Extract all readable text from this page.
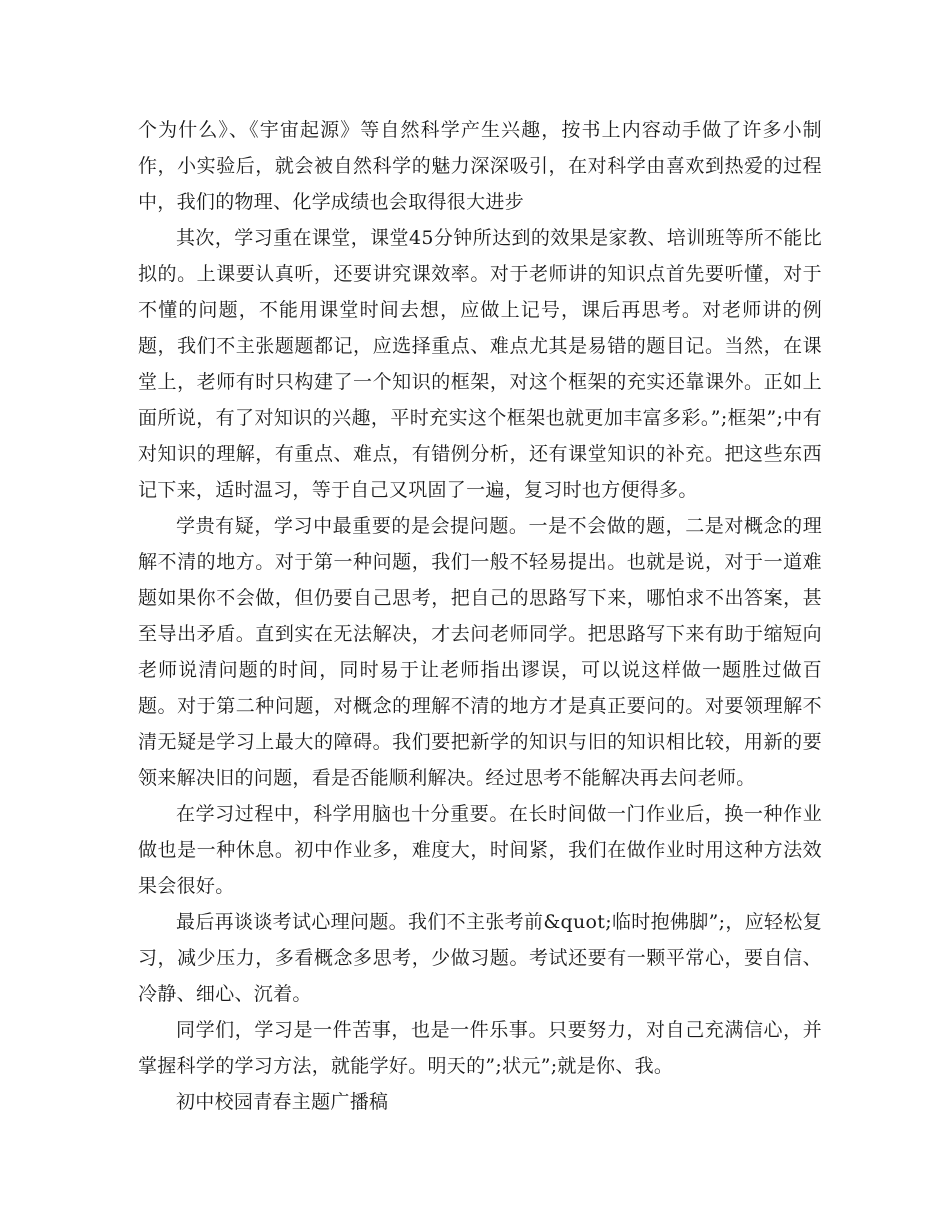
个为什么》、《宇宙起源》等自然科学产生兴趣，按书上内容动手做了许多小制作，小实验后，就会被自然科学的魅力深深吸引，在对科学由喜欢到热爱的过程中，我们的物理、化学成绩也会取得很大进步

其次，学习重在课堂，课堂45分钟所达到的效果是家教、培训班等所不能比拟的。上课要认真听，还要讲究课效率。对于老师讲的知识点首先要听懂，对于不懂的问题，不能用课堂时间去想，应做上记号，课后再思考。对老师讲的例题，我们不主张题题都记，应选择重点、难点尤其是易错的题目记。当然，在课堂上，老师有时只构建了一个知识的框架，对这个框架的充实还靠课外。正如上面所说，有了对知识的兴趣，平时充实这个框架也就更加丰富多彩。”;框架”;中有对知识的理解，有重点、难点，有错例分析，还有课堂知识的补充。把这些东西记下来，适时温习，等于自己又巩固了一遍，复习时也方便得多。

学贵有疑，学习中最重要的是会提问题。一是不会做的题，二是对概念的理解不清的地方。对于第一种问题，我们一般不轻易提出。也就是说，对于一道难题如果你不会做，但仍要自己思考，把自己的思路写下来，哪怕求不出答案，甚至导出矛盾。直到实在无法解决，才去问老师同学。把思路写下来有助于缩短向老师说清问题的时间，同时易于让老师指出谬误，可以说这样做一题胜过做百题。对于第二种问题，对概念的理解不清的地方才是真正要问的。对要领理解不清无疑是学习上最大的障碍。我们要把新学的知识与旧的知识相比较，用新的要领来解决旧的问题，看是否能顺利解决。经过思考不能解决再去问老师。

在学习过程中，科学用脑也十分重要。在长时间做一门作业后，换一种作业做也是一种休息。初中作业多，难度大，时间紧，我们在做作业时用这种方法效果会很好。

最后再谈谈考试心理问题。我们不主张考前&quot;临时抱佛脚”;，应轻松复习，减少压力，多看概念多思考，少做习题。考试还要有一颗平常心，要自信、冷静、细心、沉着。

同学们，学习是一件苦事，也是一件乐事。只要努力，对自己充满信心，并掌握科学的学习方法，就能学好。明天的”;状元”;就是你、我。

初中校园青春主题广播稿
